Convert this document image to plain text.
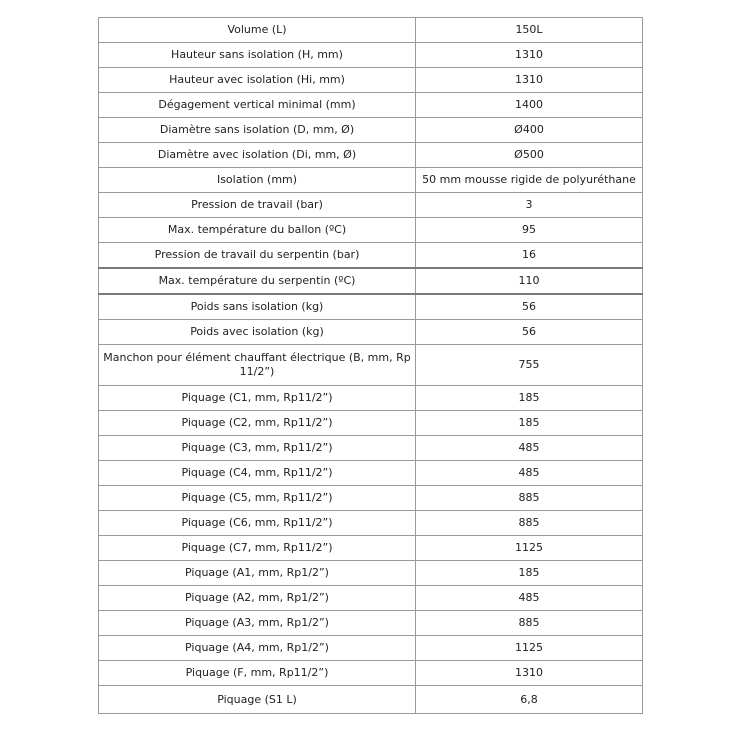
Volume (L)	150L
Hauteur sans isolation (H, mm)	1310
Hauteur avec isolation (Hi, mm)	1310
Dégagement vertical minimal (mm)	1400
Diamètre sans isolation (D, mm, Ø)	Ø400
Diamètre avec isolation (Di, mm, Ø)	Ø500
Isolation (mm)	50 mm mousse rigide de polyuréthane
Pression de travail (bar)	3
Max. température du ballon (ºC)	95
Pression de travail du serpentin (bar)	16
Max. température du serpentin (ºC)	110
Poids sans isolation (kg)	56
Poids avec isolation (kg)	56
Manchon pour élément chauffant électrique (B, mm, Rp 11/2”)	755
Piquage (C1, mm, Rp11/2”)	185
Piquage (C2, mm, Rp11/2”)	185
Piquage (C3, mm, Rp11/2”)	485
Piquage (C4, mm, Rp11/2”)	485
Piquage (C5, mm, Rp11/2”)	885
Piquage (C6, mm, Rp11/2”)	885
Piquage (C7, mm, Rp11/2”)	1125
Piquage (A1, mm, Rp1/2”)	185
Piquage (A2, mm, Rp1/2”)	485
Piquage (A3, mm, Rp1/2”)	885
Piquage (A4, mm, Rp1/2”)	1125
Piquage (F, mm, Rp11/2”)	1310
Piquage (S1 L)	6,8
